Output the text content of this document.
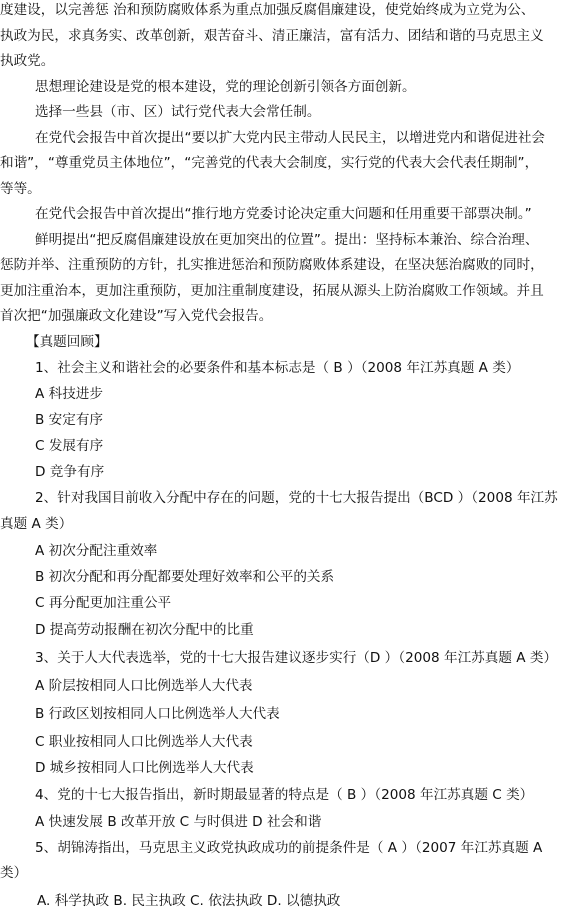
度建设，以完善惩 治和预防腐败体系为重点加强反腐倡廉建设，使党始终成为立党为公、
执政为民，求真务实、改革创新，艰苦奋斗、清正廉洁，富有活力、团结和谐的马克思主义
执政党。
思想理论建设是党的根本建设，党的理论创新引领各方面创新。
选择一些县（市、区）试行党代表大会常任制。
在党代会报告中首次提出“要以扩大党内民主带动人民民主，以增进党内和谐促进社会
和谐”，“尊重党员主体地位”，“完善党的代表大会制度，实行党的代表大会代表任期制”，
等等。
在党代会报告中首次提出“推行地方党委讨论决定重大问题和任用重要干部票决制。”
鲜明提出“把反腐倡廉建设放在更加突出的位置”。提出：坚持标本兼治、综合治理、
惩防并举、注重预防的方针，扎实推进惩治和预防腐败体系建设，在坚决惩治腐败的同时，
更加注重治本，更加注重预防，更加注重制度建设，拓展从源头上防治腐败工作领域。并且
首次把“加强廉政文化建设”写入党代会报告。
【真题回顾】
1、社会主义和谐社会的必要条件和基本标志是（ B ）（2008 年江苏真题 A 类）
A 科技进步
B 安定有序
C 发展有序
D 竞争有序
2、针对我国目前收入分配中存在的问题，党的十七大报告提出（BCD ）（2008 年江苏
真题 A 类）
A 初次分配注重效率
B 初次分配和再分配都要处理好效率和公平的关系
C 再分配更加注重公平
D 提高劳动报酬在初次分配中的比重
3、关于人大代表选举，党的十七大报告建议逐步实行（D ）（2008 年江苏真题 A 类）
A 阶层按相同人口比例选举人大代表
B 行政区划按相同人口比例选举人大代表
C 职业按相同人口比例选举人大代表
D 城乡按相同人口比例选举人大代表
4、党的十七大报告指出，新时期最显著的特点是（ B ）（2008 年江苏真题 C 类）
A 快速发展 B 改革开放 C 与时俱进 D 社会和谐
5、胡锦涛指出，马克思主义政党执政成功的前提条件是（ A ）（2007 年江苏真题 A
类）
A. 科学执政 B. 民主执政 C. 依法执政 D. 以德执政
